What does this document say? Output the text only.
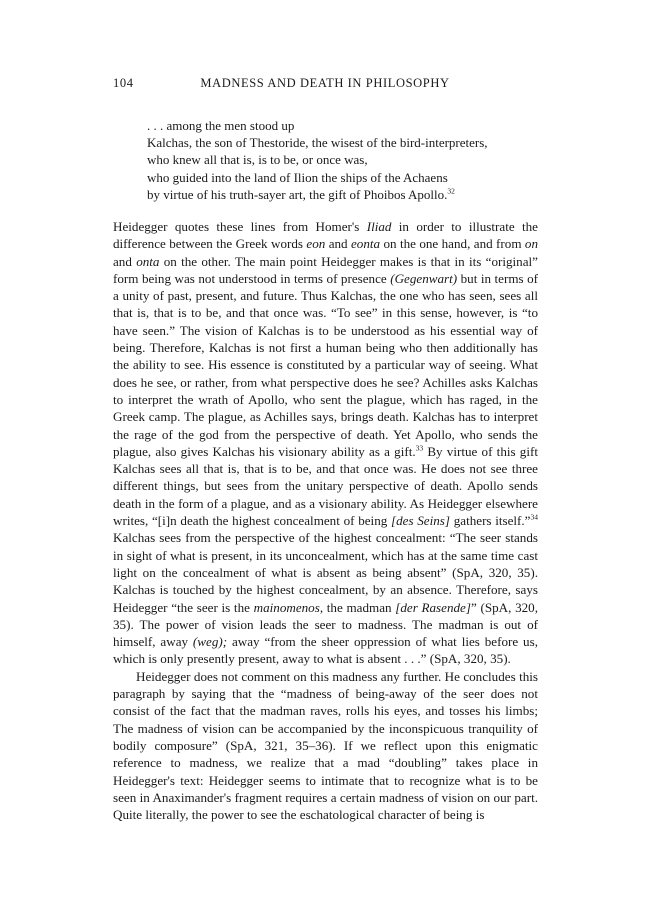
104	MADNESS AND DEATH IN PHILOSOPHY
. . . among the men stood up
Kalchas, the son of Thestoride, the wisest of the bird-interpreters,
who knew all that is, is to be, or once was,
who guided into the land of Ilion the ships of the Achaens
by virtue of his truth-sayer art, the gift of Phoibos Apollo.$^{32}$

Heidegger quotes these lines from Homer's Iliad in order to illustrate the difference between the Greek words eon and eonta on the one hand, and from on and onta on the other. The main point Heidegger makes is that in its “original” form being was not understood in terms of presence (Gegenwart) but in terms of a unity of past, present, and future. Thus Kalchas, the one who has seen, sees all that is, that is to be, and that once was. “To see” in this sense, however, is “to have seen.” The vision of Kalchas is to be understood as his essential way of being. Therefore, Kalchas is not first a human being who then additionally has the ability to see. His essence is constituted by a particular way of seeing. What does he see, or rather, from what perspective does he see? Achilles asks Kalchas to interpret the wrath of Apollo, who sent the plague, which has raged, in the Greek camp. The plague, as Achilles says, brings death. Kalchas has to interpret the rage of the god from the perspective of death. Yet Apollo, who sends the plague, also gives Kalchas his visionary ability as a gift.$^{33}$ By virtue of this gift Kalchas sees all that is, that is to be, and that once was. He does not see three different things, but sees from the unitary perspective of death. Apollo sends death in the form of a plague, and as a visionary ability. As Heidegger elsewhere writes, “[i]n death the highest concealment of being [des Seins] gathers itself.”$^{34}$ Kalchas sees from the perspective of the highest concealment: “The seer stands in sight of what is present, in its unconcealment, which has at the same time cast light on the concealment of what is absent as being absent” (SpA, 320, 35). Kalchas is touched by the highest concealment, by an absence. Therefore, says Heidegger “the seer is the mainomenos, the madman [der Rasende]” (SpA, 320, 35). The power of vision leads the seer to madness. The madman is out of himself, away (weg); away “from the sheer oppression of what lies before us, which is only presently present, away to what is absent . . .” (SpA, 320, 35).

Heidegger does not comment on this madness any further. He concludes this paragraph by saying that the “madness of being-away of the seer does not consist of the fact that the madman raves, rolls his eyes, and tosses his limbs; The madness of vision can be accompanied by the inconspicuous tranquility of bodily composure” (SpA, 321, 35–36). If we reflect upon this enigmatic reference to madness, we realize that a mad “doubling” takes place in Heidegger's text: Heidegger seems to intimate that to recognize what is to be seen in Anaximander's fragment requires a certain madness of vision on our part. Quite literally, the power to see the eschatological character of being is
